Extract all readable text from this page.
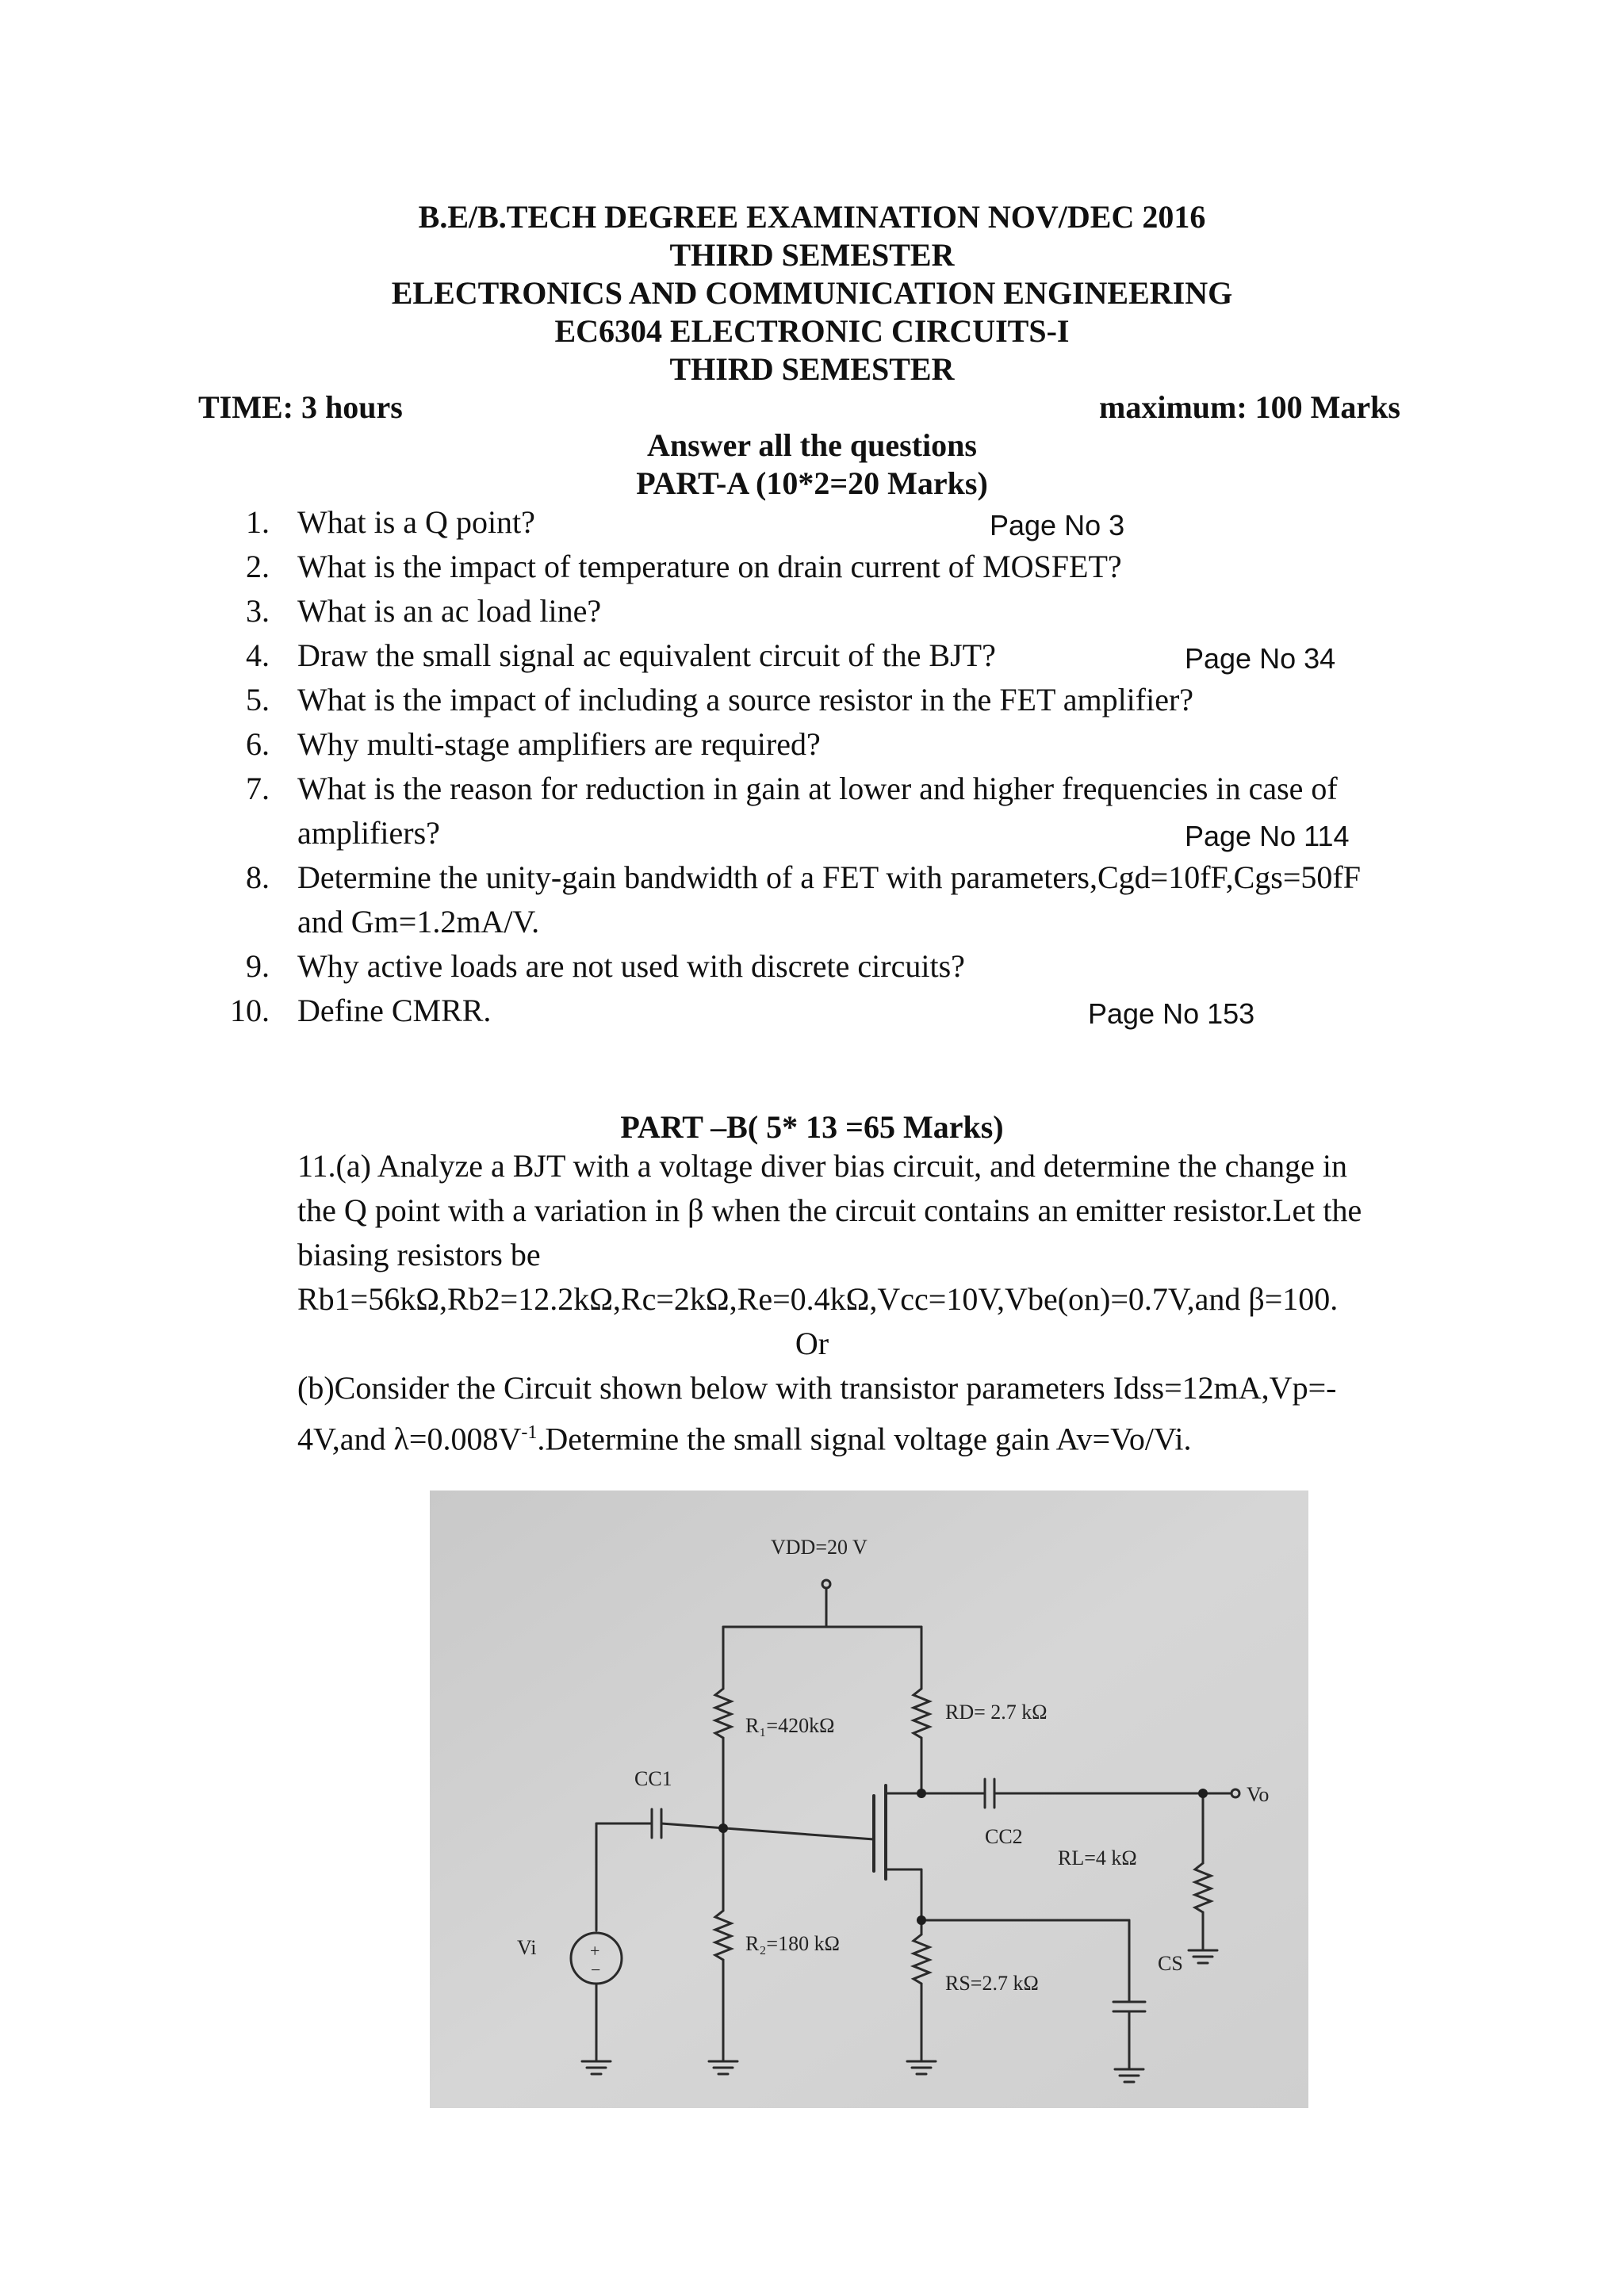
B.E/B.TECH DEGREE EXAMINATION NOV/DEC 2016
THIRD SEMESTER
ELECTRONICS AND COMMUNICATION ENGINEERING
EC6304 ELECTRONIC CIRCUITS-I
THIRD SEMESTER
TIME: 3 hours	maximum: 100 Marks
Answer all the questions
PART-A (10*2=20 Marks)
1. What is a Q point?	Page No 3
2. What is the impact of temperature on drain current of MOSFET?
3. What is an ac load line?
4. Draw the small signal ac equivalent circuit of the BJT?	Page No 34
5. What is the impact of including a source resistor in the FET amplifier?
6. Why multi-stage amplifiers are required?
7. What is the reason for reduction in gain at lower and higher frequencies in case of
amplifiers?	Page No 114
8. Determine the unity-gain bandwidth of a FET with parameters,Cgd=10fF,Cgs=50fF
and Gm=1.2mA/V.
9. Why active loads are not used with discrete circuits?
10. Define CMRR.	Page No 153
PART –B( 5* 13 =65 Marks)
11.(a) Analyze a BJT with a voltage diver bias circuit, and determine the change in
the Q point with a variation in β when the circuit contains an emitter resistor.Let the
biasing resistors be
Rb1=56kΩ,Rb2=12.2kΩ,Rc=2kΩ,Re=0.4kΩ,Vcc=10V,Vbe(on)=0.7V,and β=100.
Or
(b)Consider the Circuit shown below with transistor parameters Idss=12mA,Vp=-
4V,and $\lambda=0.008V^{-1}.Determine$ the small signal voltage gain Av=Vo/Vi.
VDD=20 V
R₁=420kΩ
RD= 2.7 kΩ
CC1
CC2
RL=4 kΩ
Vi
Vo
R₂=180 kΩ
RS=2.7 kΩ
CS
+
−
